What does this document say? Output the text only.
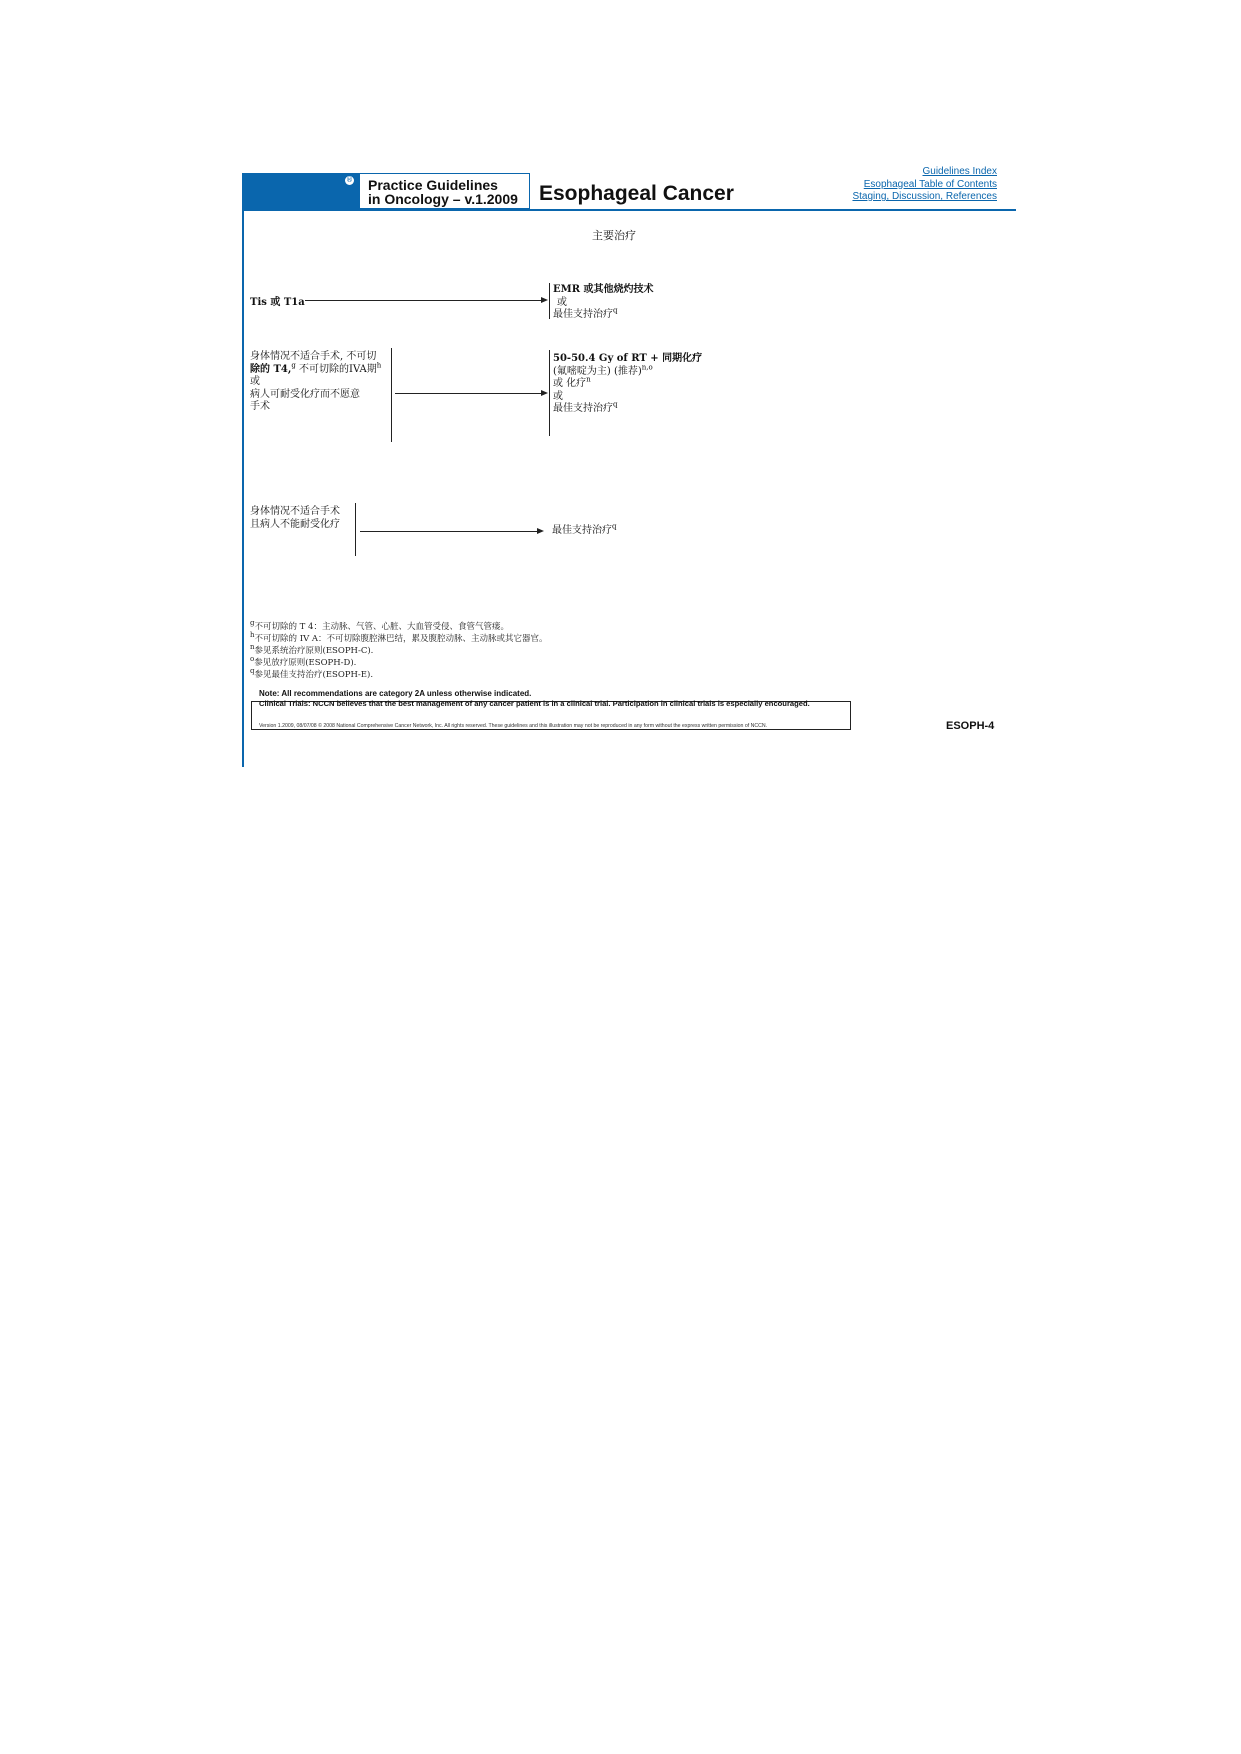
® Practice Guidelines
in Oncology – v.1.2009 Esophageal Cancer
Guidelines Index
Esophageal Table of Contents
Staging, Discussion, References
主要治疗
Tis 或 T1a
EMR 或其他烧灼技术
或
最佳支持治疗$^q$
身体情况不适合手术, 不可切
除的 T4,$^g$ 不可切除的IVA期$^h$
或
病人可耐受化疗而不愿意
手术
50-50.4 Gy of RT + 同期化疗
(氟嘧啶为主) (推荐)$^{n,o}$
或 化疗$^n$
或
最佳支持治疗$^q$
身体情况不适合手术
且病人不能耐受化疗
最佳支持治疗$^q$
$^g$不可切除的 T 4：主动脉、气管、心脏、大血管受侵、食管气管瘘。
$^h$不可切除的 IV A：不可切除腹腔淋巴结，累及腹腔动脉、主动脉或其它器官。
$^n$参见系统治疗原则(ESOPH-C).
$^o$参见放疗原则(ESOPH-D).
$^q$参见最佳支持治疗(ESOPH-E).
Note: All recommendations are category 2A unless otherwise indicated.
Clinical Trials: NCCN believes that the best management of any cancer patient is in a clinical trial. Participation in clinical trials is especially encouraged.
Version 1.2009, 08/07/08 © 2008 National Comprehensive Cancer Network, Inc. All rights reserved. These guidelines and this illustration may not be reproduced in any form without the express written permission of NCCN.	ESOPH-4
